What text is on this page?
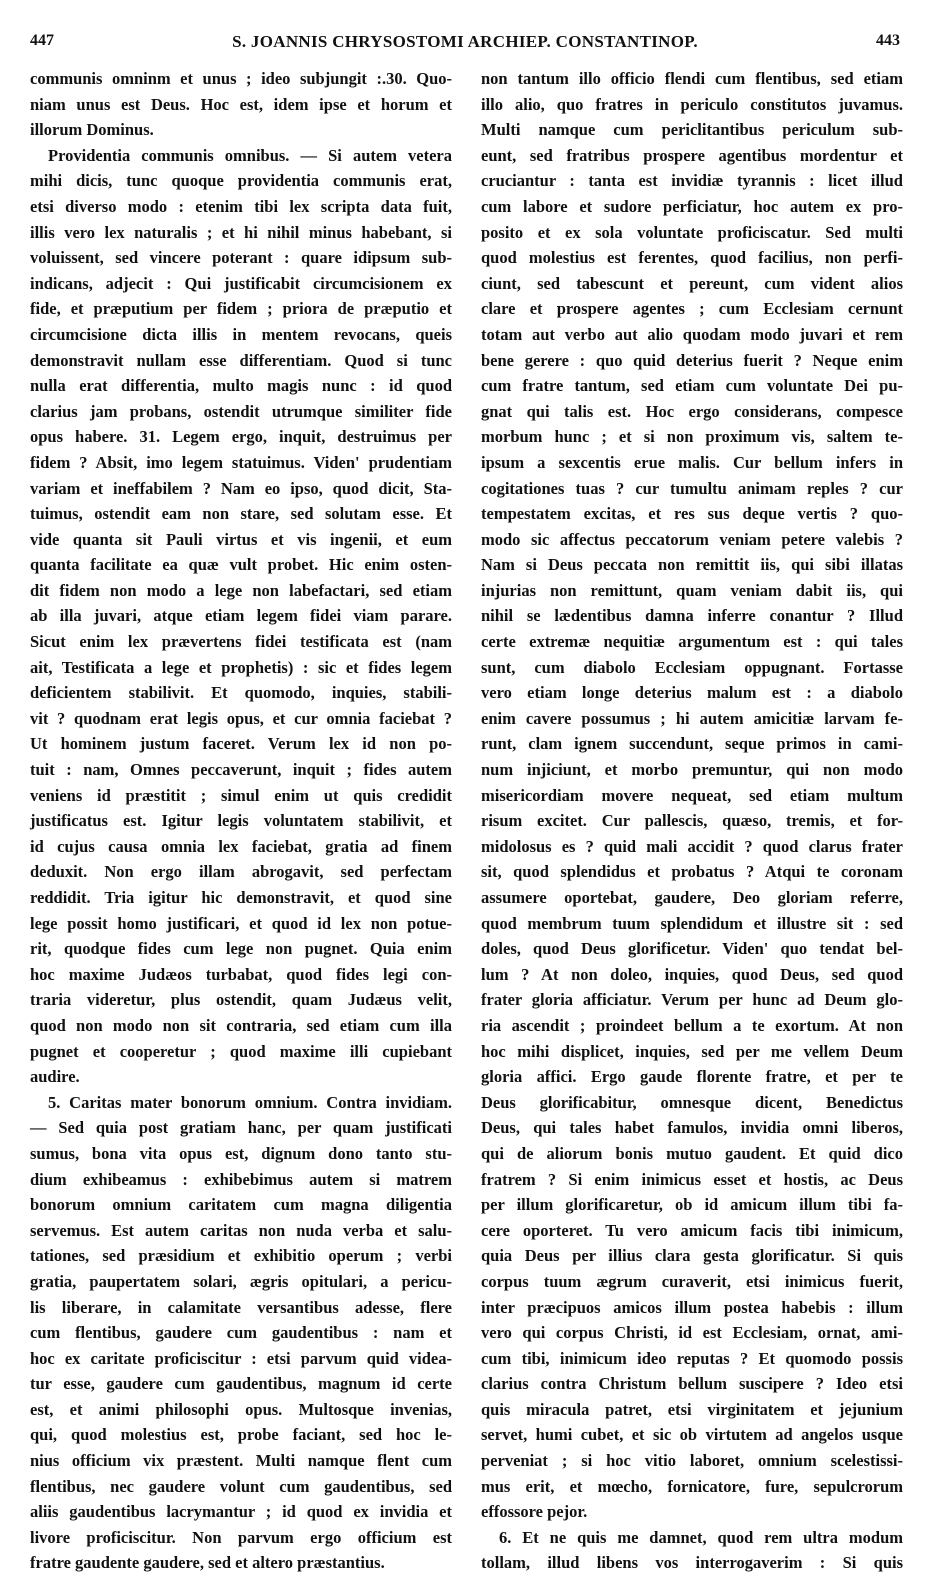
447	S. JOANNIS CHRYSOSTOMI ARCHIEP. CONSTANTINOP.	443
communis omninm et unus ; ideo subjungit :.30. Quo-
niam unus est Deus. Hoc est, idem ipse et horum et
illorum Dominus.
Providentia communis omnibus. — Si autem vetera
mihi dicis, tunc quoque providentia communis erat,
etsi diverso modo : etenim tibi lex scripta data fuit,
illis vero lex naturalis ; et hi nihil minus habebant, si
voluissent, sed vincere poterant : quare idipsum sub-
indicans, adjecit : Qui justificabit circumcisionem ex
fide, et præputium per fidem ; priora de præputio et
circumcisione dicta illis in mentem revocans, queis
demonstravit nullam esse differentiam. Quod si tunc
nulla erat differentia, multo magis nunc : id quod
clarius jam probans, ostendit utrumque similiter fide
opus habere. 31. Legem ergo, inquit, destruimus per
fidem ? Absit, imo legem statuimus. Viden' prudentiam
variam et ineffabilem ? Nam eo ipso, quod dicit, Sta-
tuimus, ostendit eam non stare, sed solutam esse. Et
vide quanta sit Pauli virtus et vis ingenii, et eum
quanta facilitate ea quæ vult probet. Hic enim osten-
dit fidem non modo a lege non labefactari, sed etiam
ab illa juvari, atque etiam legem fidei viam parare.
Sicut enim lex prævertens fidei testificata est (nam
ait, Testificata a lege et prophetis) : sic et fides legem
deficientem stabilivit. Et quomodo, inquies, stabili-
vit ? quodnam erat legis opus, et cur omnia faciebat ?
Ut hominem justum faceret. Verum lex id non po-
tuit : nam, Omnes peccaverunt, inquit ; fides autem
veniens id præstitit ; simul enim ut quis credidit
justificatus est. Igitur legis voluntatem stabilivit, et
id cujus causa omnia lex faciebat, gratia ad finem
deduxit. Non ergo illam abrogavit, sed perfectam
reddidit. Tria igitur hic demonstravit, et quod sine
lege possit homo justificari, et quod id lex non potue-
rit, quodque fides cum lege non pugnet. Quia enim
hoc maxime Judæos turbabat, quod fides legi con-
traria videretur, plus ostendit, quam Judæus velit,
quod non modo non sit contraria, sed etiam cum illa
pugnet et cooperetur ; quod maxime illi cupiebant
audire.
5. Caritas mater bonorum omnium. Contra invidiam.
— Sed quia post gratiam hanc, per quam justificati
sumus, bona vita opus est, dignum dono tanto stu-
dium exhibeamus : exhibebimus autem si matrem
bonorum omnium caritatem cum magna diligentia
servemus. Est autem caritas non nuda verba et salu-
tationes, sed præsidium et exhibitio operum ; verbi
gratia, paupertatem solari, ægris opitulari, a pericu-
lis liberare, in calamitate versantibus adesse, flere
cum flentibus, gaudere cum gaudentibus : nam et
hoc ex caritate proficiscitur : etsi parvum quid videa-
tur esse, gaudere cum gaudentibus, magnum id certe
est, et animi philosophi opus. Multosque invenias,
qui, quod molestius est, probe faciant, sed hoc le-
nius officium vix præstent. Multi namque flent cum
flentibus, nec gaudere volunt cum gaudentibus, sed
aliis gaudentibus lacrymantur ; id quod ex invidia et
livore proficiscitur. Non parvum ergo officium est
fratre gaudente gaudere, sed et altero præstantius.
non tantum illo officio flendi cum flentibus, sed etiam
illo alio, quo fratres in periculo constitutos juvamus.
Multi namque cum periclitantibus periculum sub-
eunt, sed fratribus prospere agentibus mordentur et
cruciantur : tanta est invidiæ tyrannis : licet illud
cum labore et sudore perficiatur, hoc autem ex pro-
posito et ex sola voluntate proficiscatur. Sed multi
quod molestius est ferentes, quod facilius, non perfi-
ciunt, sed tabescunt et pereunt, cum vident alios
clare et prospere agentes ; cum Ecclesiam cernunt
totam aut verbo aut alio quodam modo juvari et rem
bene gerere : quo quid deterius fuerit ? Neque enim
cum fratre tantum, sed etiam cum voluntate Dei pu-
gnat qui talis est. Hoc ergo considerans, compesce
morbum hunc ; et si non proximum vis, saltem te-
ipsum a sexcentis erue malis. Cur bellum infers in
cogitationes tuas ? cur tumultu animam reples ? cur
tempestatem excitas, et res sus deque vertis ? quo-
modo sic affectus peccatorum veniam petere valebis ?
Nam si Deus peccata non remittit iis, qui sibi illatas
injurias non remittunt, quam veniam dabit iis, qui
nihil se lædentibus damna inferre conantur ? Illud
certe extremæ nequitiæ argumentum est : qui tales
sunt, cum diabolo Ecclesiam oppugnant. Fortasse
vero etiam longe deterius malum est : a diabolo
enim cavere possumus ; hi autem amicitiæ larvam fe-
runt, clam ignem succendunt, seque primos in cami-
num injiciunt, et morbo premuntur, qui non modo
misericordiam movere nequeat, sed etiam multum
risum excitet. Cur pallescis, quæso, tremis, et for-
midolosus es ? quid mali accidit ? quod clarus frater
sit, quod splendidus et probatus ? Atqui te coronam
assumere oportebat, gaudere, Deo gloriam referre,
quod membrum tuum splendidum et illustre sit : sed
doles, quod Deus glorificetur. Viden' quo tendat bel-
lum ? At non doleo, inquies, quod Deus, sed quod
frater gloria afficiatur. Verum per hunc ad Deum glo-
ria ascendit ; proindeet bellum a te exortum. At non
hoc mihi displicet, inquies, sed per me vellem Deum
gloria affici. Ergo gaude florente fratre, et per te
Deus glorificabitur, omnesque dicent, Benedictus
Deus, qui tales habet famulos, invidia omni liberos,
qui de aliorum bonis mutuo gaudent. Et quid dico
fratrem ? Si enim inimicus esset et hostis, ac Deus
per illum glorificaretur, ob id amicum illum tibi fa-
cere oporteret. Tu vero amicum facis tibi inimicum,
quia Deus per illius clara gesta glorificatur. Si quis
corpus tuum ægrum curaverit, etsi inimicus fuerit,
inter præcipuos amicos illum postea habebis : illum
vero qui corpus Christi, id est Ecclesiam, ornat, ami-
cum tibi, inimicum ideo reputas ? Et quomodo possis
clarius contra Christum bellum suscipere ? Ideo etsi
quis miracula patret, etsi virginitatem et jejunium
servet, humi cubet, et sic ob virtutem ad angelos usque
perveniat ; si hoc vitio laboret, omnium scelestissi-
mus erit, et mœcho, fornicatore, fure, sepulcrorum
effossore pejor.
6. Et ne quis me damnet, quod rem ultra modum
tollam, illud libens vos interrogaverim : Si quis
